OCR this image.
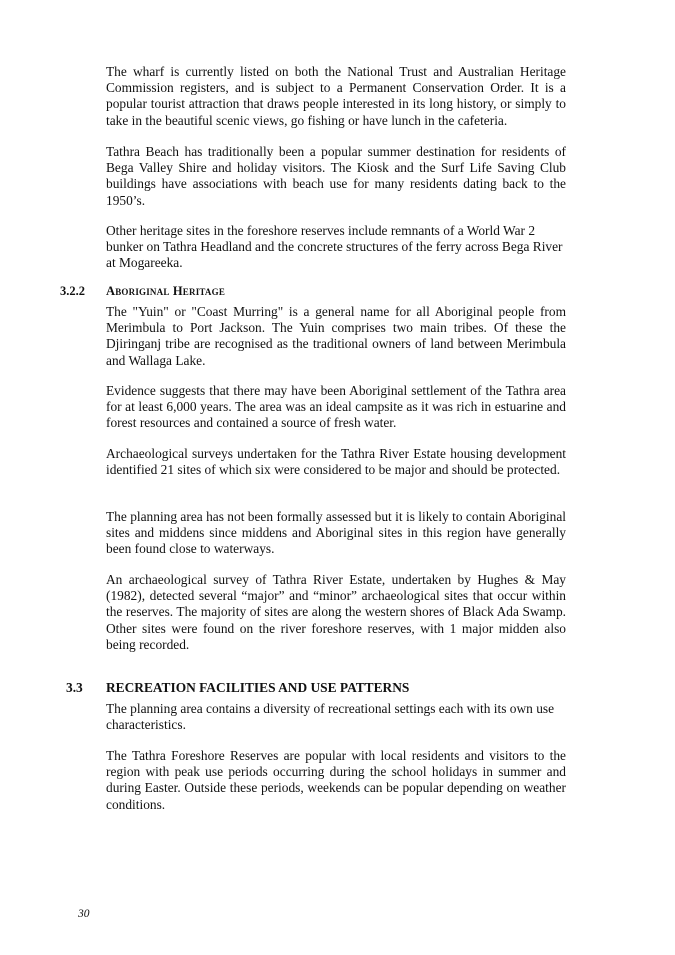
The wharf is currently listed on both the National Trust and Australian Heritage Commission registers, and is subject to a Permanent Conservation Order. It is a popular tourist attraction that draws people interested in its long history, or simply to take in the beautiful scenic views, go fishing or have lunch in the cafeteria.

Tathra Beach has traditionally been a popular summer destination for residents of Bega Valley Shire and holiday visitors. The Kiosk and the Surf Life Saving Club buildings have associations with beach use for many residents dating back to the 1950’s.

Other heritage sites in the foreshore reserves include remnants of a World War 2 bunker on Tathra Headland and the concrete structures of the ferry across Bega River at Mogareeka.

3.2.2 Aboriginal Heritage

The "Yuin" or "Coast Murring" is a general name for all Aboriginal people from Merimbula to Port Jackson. The Yuin comprises two main tribes. Of these the Djiringanj tribe are recognised as the traditional owners of land between Merimbula and Wallaga Lake.

Evidence suggests that there may have been Aboriginal settlement of the Tathra area for at least 6,000 years. The area was an ideal campsite as it was rich in estuarine and forest resources and contained a source of fresh water.

Archaeological surveys undertaken for the Tathra River Estate housing development identified 21 sites of which six were considered to be major and should be protected.

The planning area has not been formally assessed but it is likely to contain Aboriginal sites and middens since middens and Aboriginal sites in this region have generally been found close to waterways.

An archaeological survey of Tathra River Estate, undertaken by Hughes & May (1982), detected several “major” and “minor” archaeological sites that occur within the reserves. The majority of sites are along the western shores of Black Ada Swamp. Other sites were found on the river foreshore reserves, with 1 major midden also being recorded.

3.3 RECREATION FACILITIES AND USE PATTERNS

The planning area contains a diversity of recreational settings each with its own use characteristics.

The Tathra Foreshore Reserves are popular with local residents and visitors to the region with peak use periods occurring during the school holidays in summer and during Easter. Outside these periods, weekends can be popular depending on weather conditions.

30
